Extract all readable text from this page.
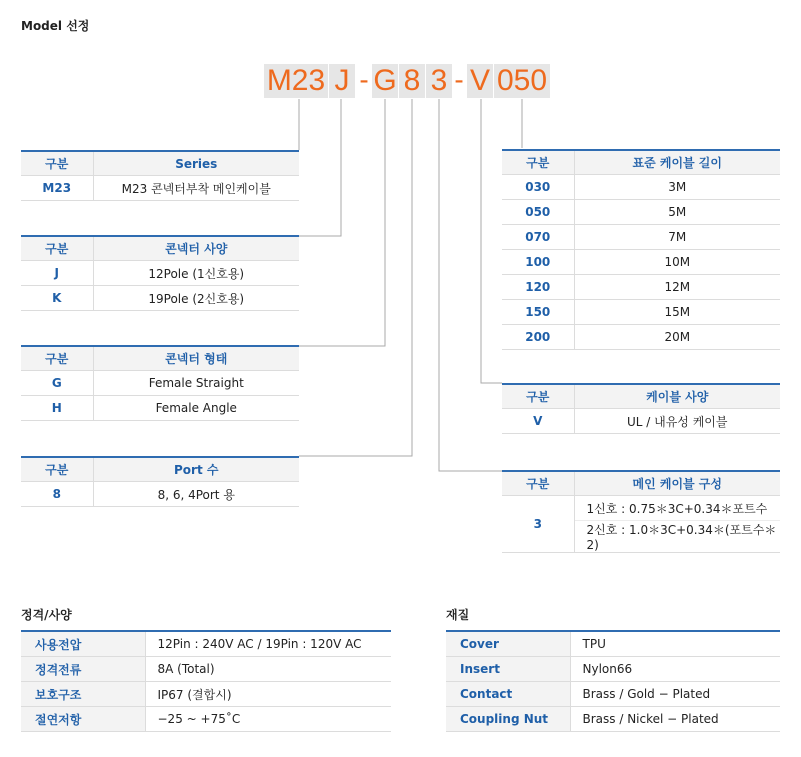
Model 선정
M23 J - G 8 3 - V 050
구분	Series
M23	M23 콘넥터부착 메인케이블
구분	콘넥터 사양
J	12Pole (1신호용)
K	19Pole (2신호용)
구분	콘넥터 형태
G	Female Straight
H	Female Angle
구분	Port 수
8	8, 6, 4Port 용
구분	표준 케이블 길이
030	3M
050	5M
070	7M
100	10M
120	12M
150	15M
200	20M
구분	케이블 사양
V	UL / 내유성 케이블
구분	메인 케이블 구성
3	1신호 : 0.75＊3C+0.34＊포트수
	2신호 : 1.0＊3C+0.34＊(포트수＊2)
정격/사양
사용전압	12Pin : 240V AC / 19Pin : 120V AC
정격전류	8A (Total)
보호구조	IP67 (결합시)
절연저항	−25 ~ +75˚C
재질
Cover	TPU
Insert	Nylon66
Contact	Brass / Gold − Plated
Coupling Nut	Brass / Nickel − Plated
